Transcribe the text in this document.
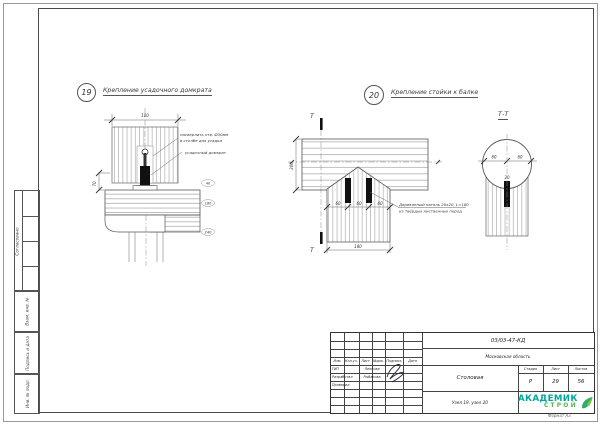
Согласовано
Взам. инв. №
Подпись и дата
Инв. № подл.
19 Крепление усадочного домкрата	20 Крепление стойки к балке
Т-Т
100
70	40
180
240
насверлить отв. Ø30мм
в столбе для усадки
усадочный домкрат
Т
Т
60	60	60
300
180
Деревянный нагель 20х20, L=180
из твёрдых лиственных пород
60	60
20
Изм.	Кол.уч. Лист №док. Подпись	Дата
ГИП	Ленкова
Разработал	Рыбакова
Проверил
03/03-47-КД
Московская область
Столовая
Узел 19, узел 20
Стадия	Лист	Листов
Р	29	56
АКАДЕМИК
СТРОЙ
Формат А3
